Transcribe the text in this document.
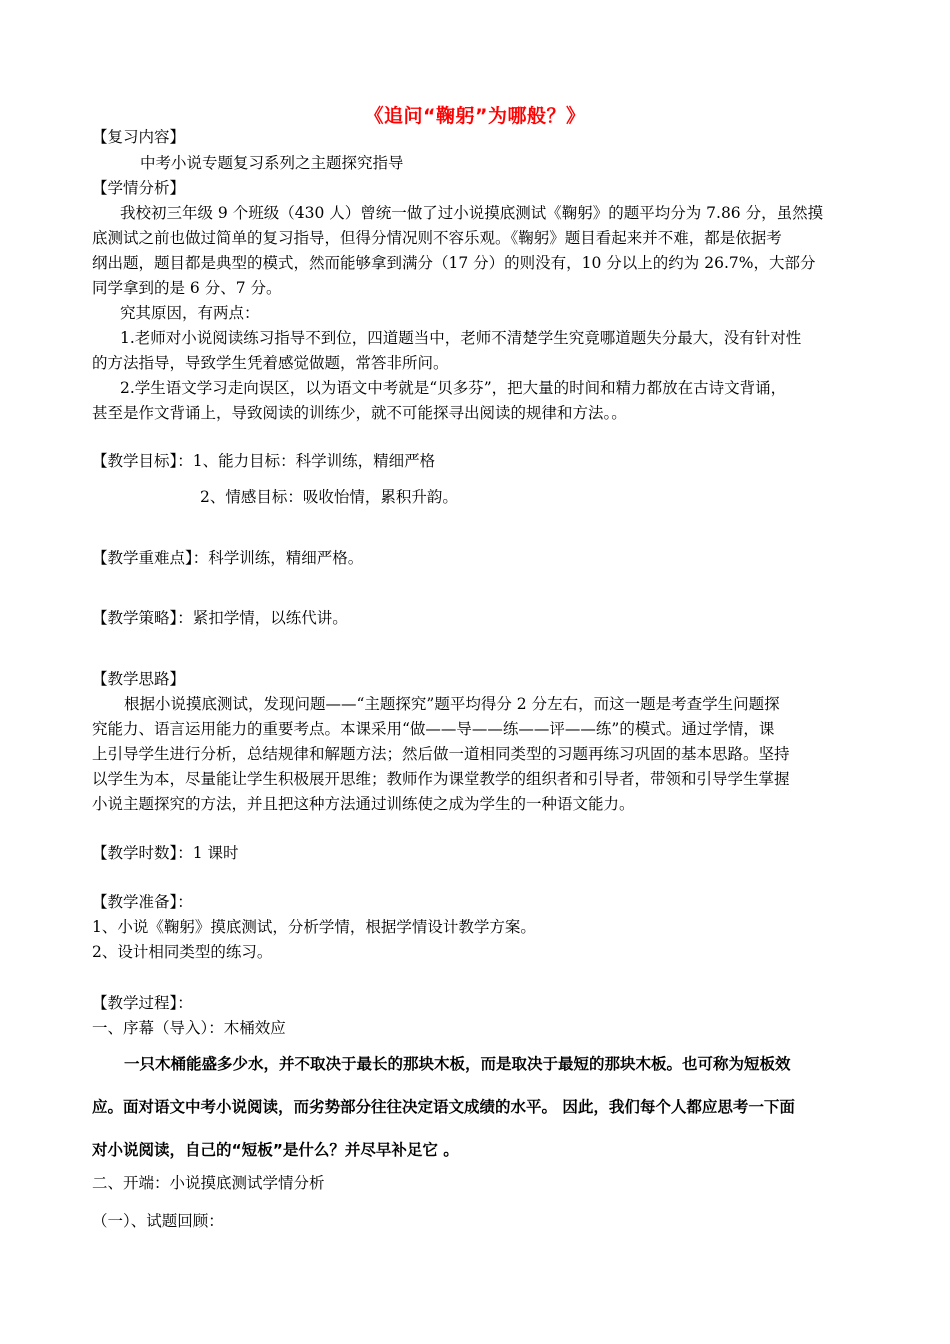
《追问“鞠躬”为哪般？》
【复习内容】
中考小说专题复习系列之主题探究指导
【学情分析】
我校初三年级 9 个班级（430 人）曾统一做了过小说摸底测试《鞠躬》的题平均分为 7.86 分，虽然摸
底测试之前也做过简单的复习指导，但得分情况则不容乐观。《鞠躬》题目看起来并不难，都是依据考
纲出题，题目都是典型的模式，然而能够拿到满分（17 分）的则没有，10 分以上的约为 26.7%，大部分
同学拿到的是 6 分、7 分。
究其原因，有两点：
1.老师对小说阅读练习指导不到位，四道题当中，老师不清楚学生究竟哪道题失分最大，没有针对性
的方法指导，导致学生凭着感觉做题，常答非所问。
2.学生语文学习走向误区，以为语文中考就是“贝多芬”，把大量的时间和精力都放在古诗文背诵，
甚至是作文背诵上，导致阅读的训练少，就不可能探寻出阅读的规律和方法。。
【教学目标】：1、能力目标：科学训练，精细严格
2、情感目标：吸收怡情，累积升韵。
【教学重难点】：科学训练，精细严格。
【教学策略】：紧扣学情，以练代讲。
【教学思路】
根据小说摸底测试，发现问题——“主题探究”题平均得分 2 分左右，而这一题是考查学生问题探
究能力、语言运用能力的重要考点。本课采用“做——导——练——评——练”的模式。通过学情，课
上引导学生进行分析，总结规律和解题方法；然后做一道相同类型的习题再练习巩固的基本思路。坚持
以学生为本，尽量能让学生积极展开思维；教师作为课堂教学的组织者和引导者，带领和引导学生掌握
小说主题探究的方法，并且把这种方法通过训练使之成为学生的一种语文能力。
【教学时数】：1 课时
【教学准备】：
1、小说《鞠躬》摸底测试，分析学情，根据学情设计教学方案。
2、设计相同类型的练习。
【教学过程】：
一、序幕（导入）：木桶效应
一只木桶能盛多少水，并不取决于最长的那块木板，而是取决于最短的那块木板。也可称为短板效
应。面对语文中考小说阅读，而劣势部分往往决定语文成绩的水平。 因此，我们每个人都应思考一下面
对小说阅读，自己的“短板”是什么？并尽早补足它 。
二、开端：小说摸底测试学情分析
（一）、试题回顾：
